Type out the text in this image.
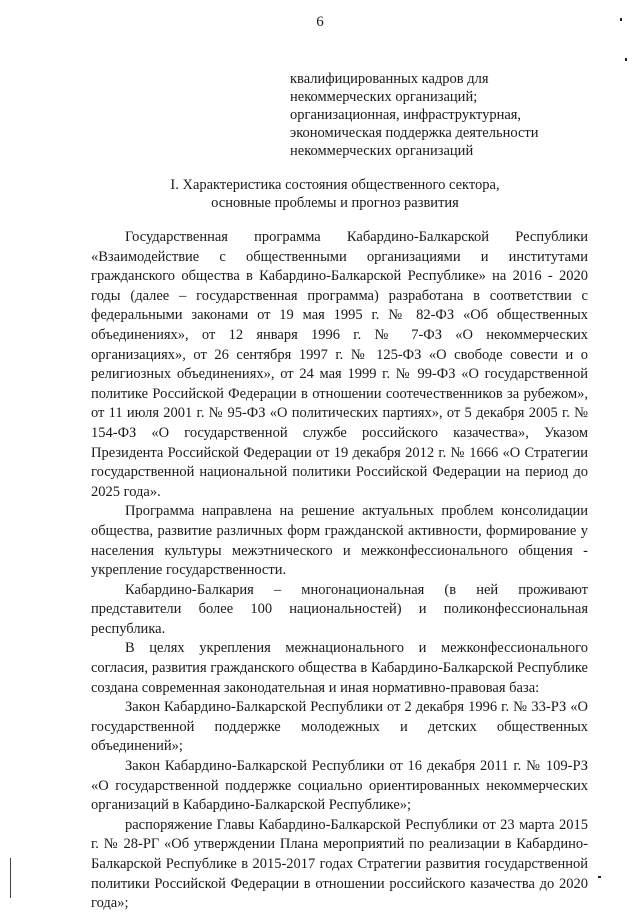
6
квалифицированных кадров для
некоммерческих организаций;
организационная, инфраструктурная,
экономическая поддержка деятельности
некоммерческих организаций
I. Характеристика состояния общественного сектора,
основные проблемы и прогноз развития

Государственная программа Кабардино-Балкарской Республики «Взаимодействие с общественными организациями и институтами гражданского общества в Кабардино-Балкарской Республике» на 2016 - 2020 годы (далее – государственная программа) разработана в соответствии с федеральными законами от 19 мая 1995 г. № 82-ФЗ «Об общественных объединениях», от 12 января 1996 г. № 7-ФЗ «О некоммерческих организациях», от 26 сентября 1997 г. № 125-ФЗ «О свободе совести и о религиозных объединениях», от 24 мая 1999 г. № 99-ФЗ «О государственной политике Российской Федерации в отношении соотечественников за рубежом», от 11 июля 2001 г. № 95-ФЗ «О политических партиях», от 5 декабря 2005 г. № 154-ФЗ «О государственной службе российского казачества», Указом Президента Российской Федерации от 19 декабря 2012 г. № 1666 «О Стратегии государственной национальной политики Российской Федерации на период до 2025 года».

Программа направлена на решение актуальных проблем консолидации общества, развитие различных форм гражданской активности, формирование у населения культуры межэтнического и межконфессионального общения - укрепление государственности.

Кабардино-Балкария – многонациональная (в ней проживают представители более 100 национальностей) и поликонфессиональная республика.

В целях укрепления межнационального и межконфессионального согласия, развития гражданского общества в Кабардино-Балкарской Республике создана современная законодательная и иная нормативно-правовая база:

Закон Кабардино-Балкарской Республики от 2 декабря 1996 г. № 33-РЗ «О государственной поддержке молодежных и детских общественных объединений»;

Закон Кабардино-Балкарской Республики от 16 декабря 2011 г. № 109-РЗ «О государственной поддержке социально ориентированных некоммерческих организаций в Кабардино-Балкарской Республике»;

распоряжение Главы Кабардино-Балкарской Республики от 23 марта 2015 г. № 28-РГ «Об утверждении Плана мероприятий по реализации в Кабардино-Балкарской Республике в 2015-2017 годах Стратегии развития государственной политики Российской Федерации в отношении российского казачества до 2020 года»;
